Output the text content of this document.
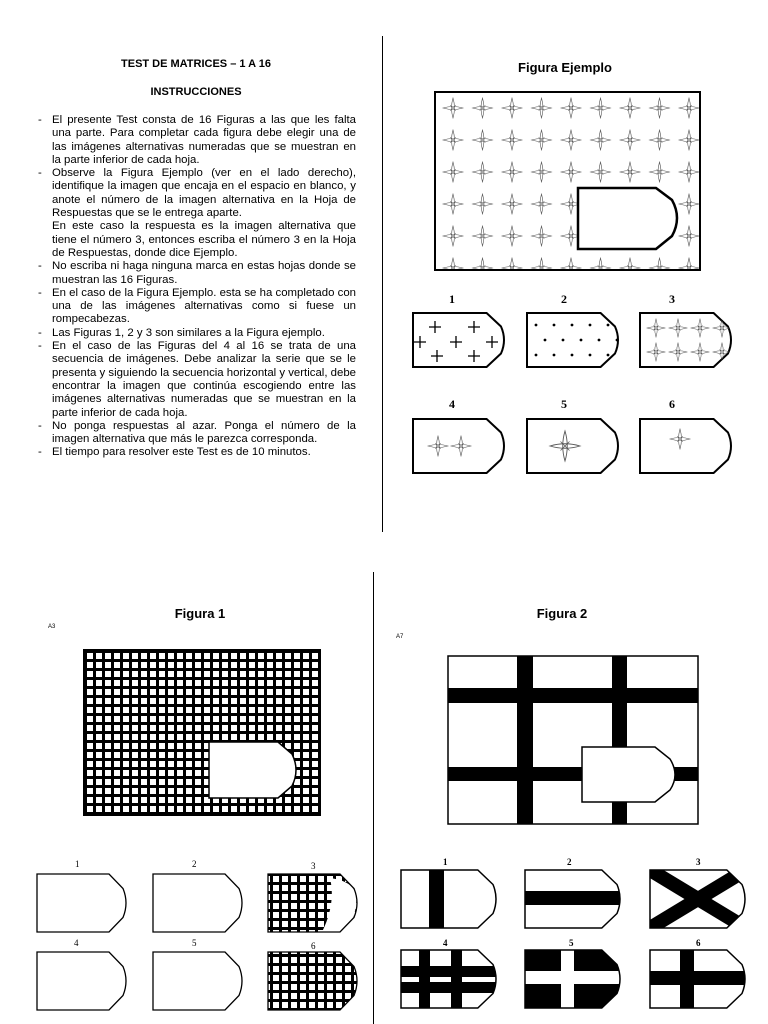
TEST DE MATRICES – 1 A 16
INSTRUCCIONES
- El presente Test consta de 16 Figuras a las que les falta una parte. Para completar cada figura debe elegir una de las imágenes alternativas numeradas que se muestran en la parte inferior de cada hoja.
- Observe la Figura Ejemplo (ver en el lado derecho), identifique la imagen que encaja en el espacio en blanco, y anote el número de la imagen alternativa en la Hoja de Respuestas que se le entrega aparte.
En este caso la respuesta es la imagen alternativa que tiene el número 3, entonces escriba el número 3 en la Hoja de Respuestas, donde dice Ejemplo.
- No escriba ni haga ninguna marca en estas hojas donde se muestran las 16 Figuras.
- En el caso de la Figura Ejemplo. esta se ha completado con una de las imágenes alternativas como si fuese un rompecabezas.
- Las Figuras 1, 2 y 3 son similares a la Figura ejemplo.
- En el caso de las Figuras del 4 al 16 se trata de una secuencia de imágenes. Debe analizar la serie que se le presenta y siguiendo la secuencia horizontal y vertical, debe encontrar la imagen que continúa escogiendo entre las imágenes alternativas numeradas que se muestran en la parte inferior de cada hoja.
- No ponga respuestas al azar. Ponga el número de la imagen alternativa que más le parezca corresponda.
- El tiempo para resolver este Test es de 10 minutos.
Figura Ejemplo
1	2	3
4	5	6
Figura 1
A3
1	2	3
4	5	6
Figura 2
A7
1	2	3
4	5	6
